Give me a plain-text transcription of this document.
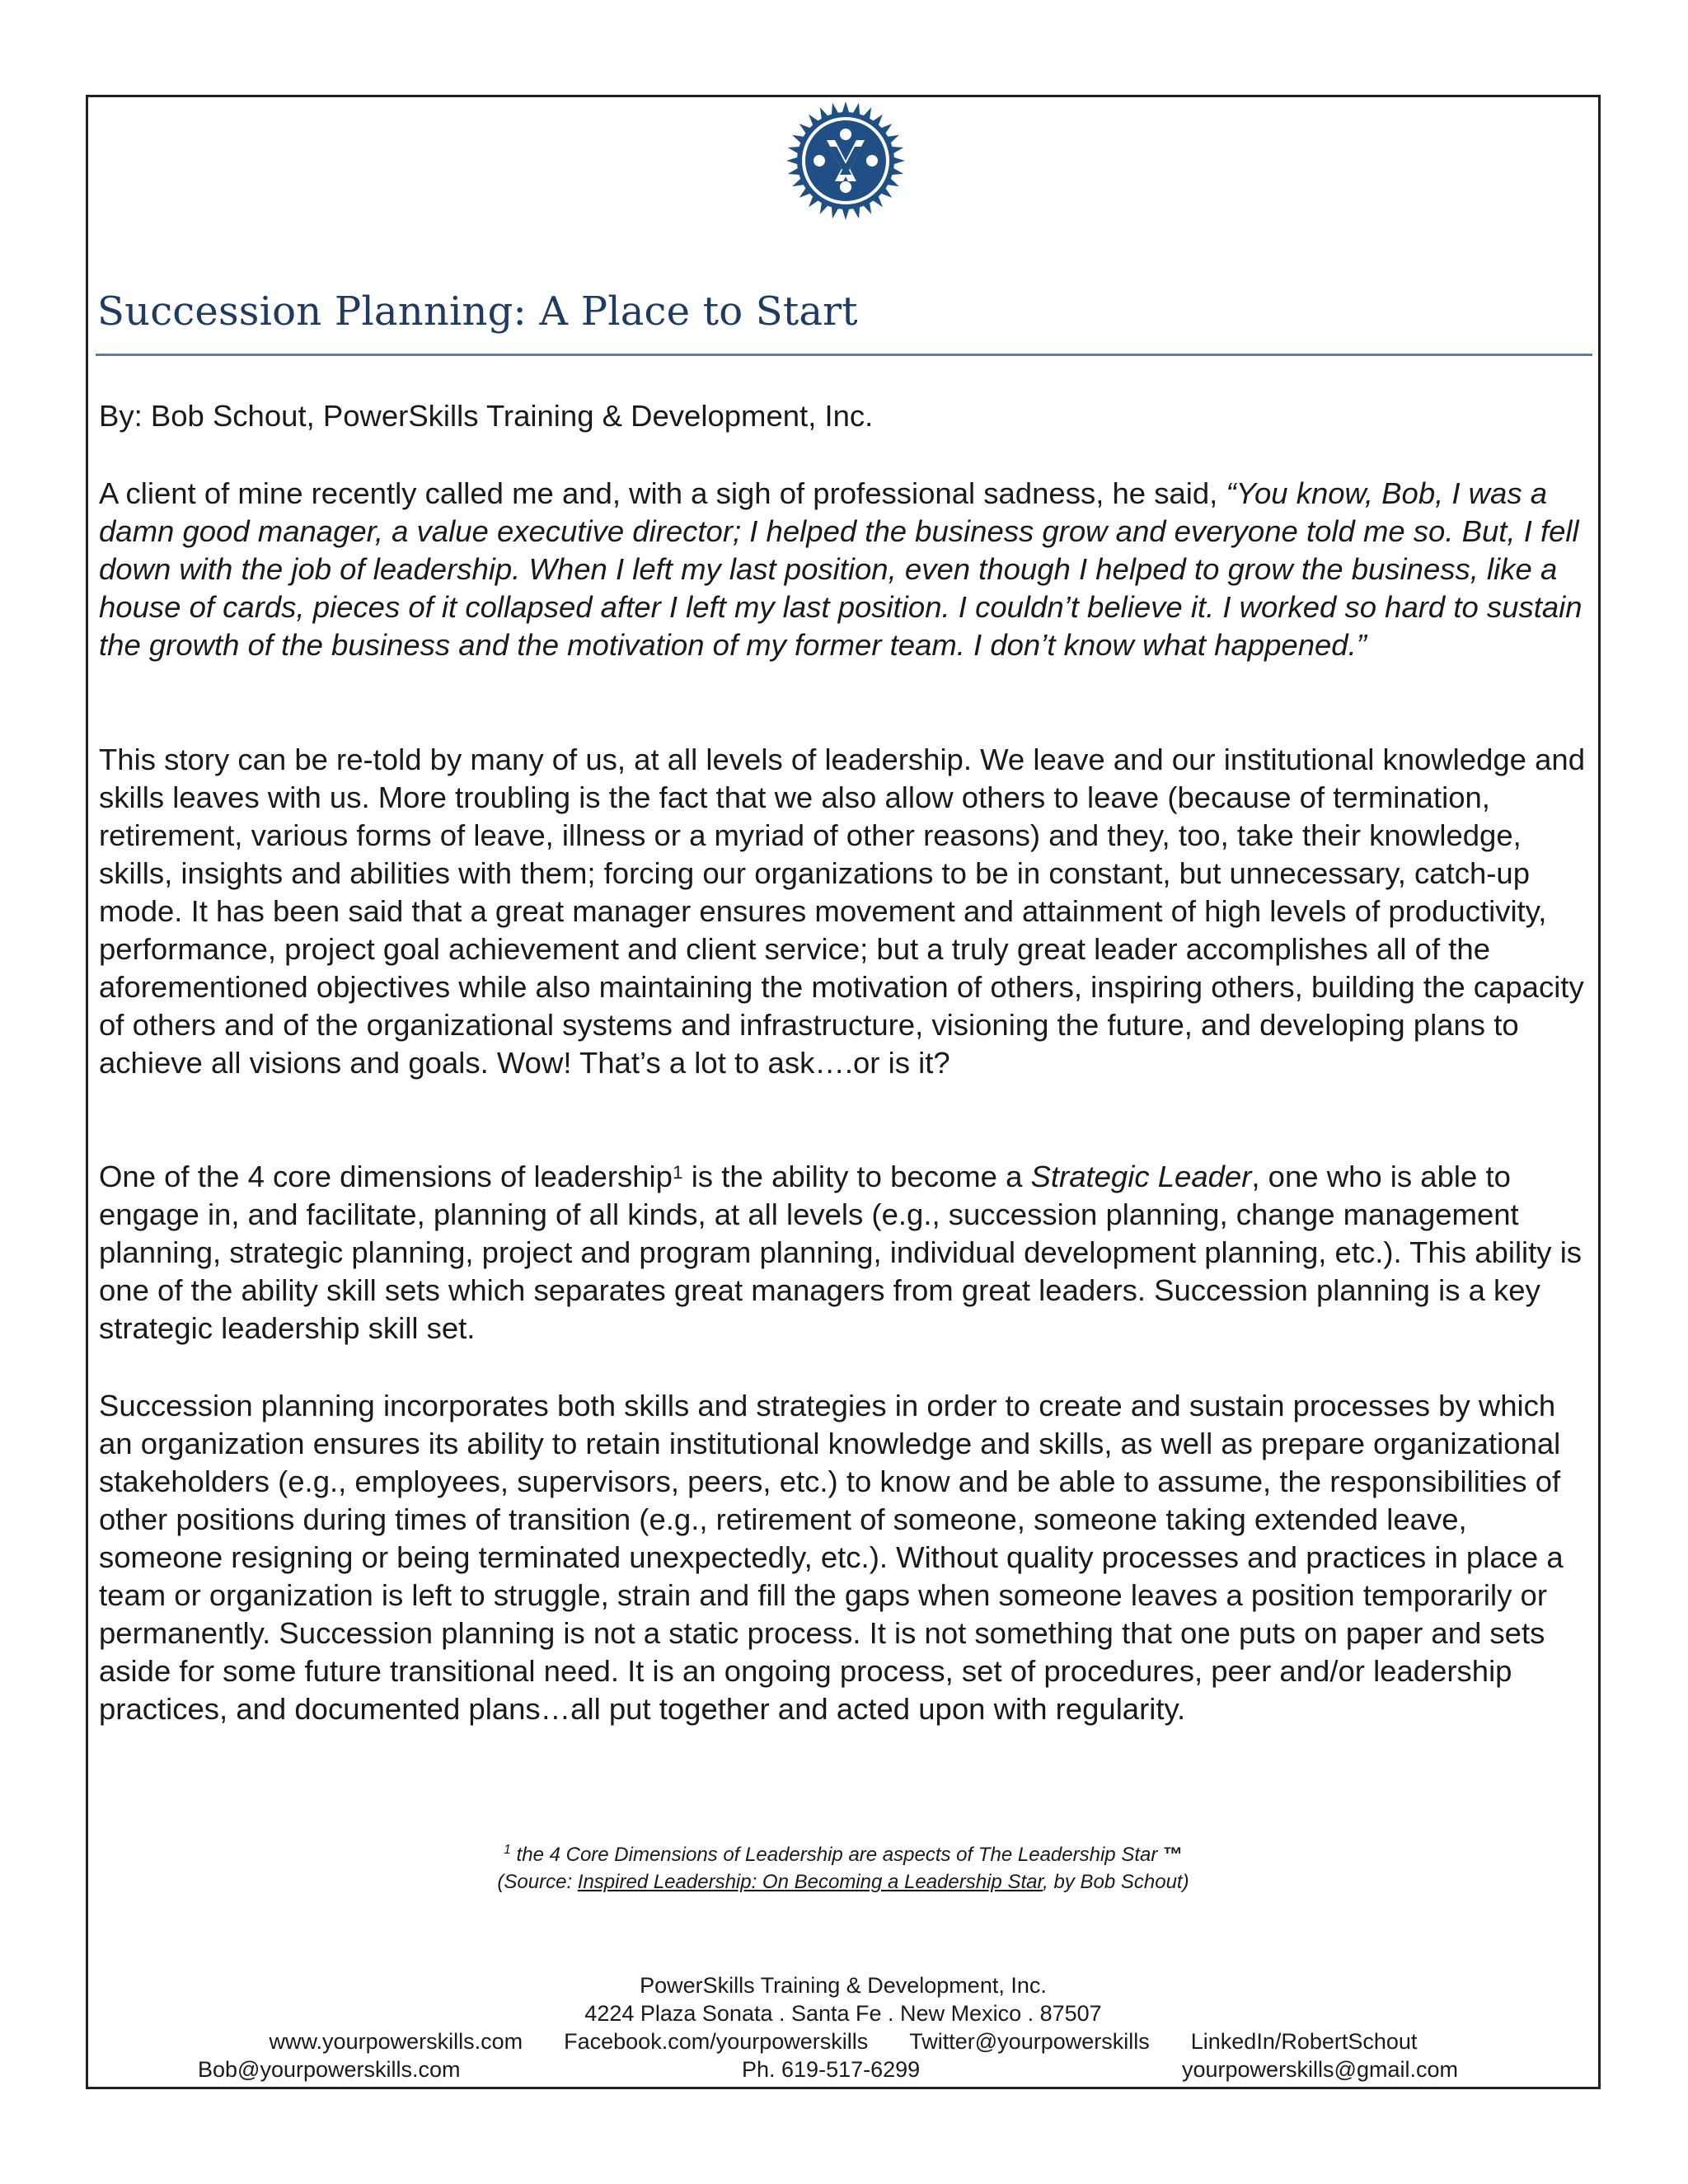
Succession Planning: A Place to Start

By: Bob Schout, PowerSkills Training & Development, Inc.

A client of mine recently called me and, with a sigh of professional sadness, he said, “You know, Bob, I was a damn good manager, a value executive director; I helped the business grow and everyone told me so. But, I fell down with the job of leadership. When I left my last position, even though I helped to grow the business, like a house of cards, pieces of it collapsed after I left my last position. I couldn’t believe it. I worked so hard to sustain the growth of the business and the motivation of my former team. I don’t know what happened.”

This story can be re-told by many of us, at all levels of leadership. We leave and our institutional knowledge and skills leaves with us. More troubling is the fact that we also allow others to leave (because of termination, retirement, various forms of leave, illness or a myriad of other reasons) and they, too, take their knowledge, skills, insights and abilities with them; forcing our organizations to be in constant, but unnecessary, catch-up mode. It has been said that a great manager ensures movement and attainment of high levels of productivity, performance, project goal achievement and client service; but a truly great leader accomplishes all of the aforementioned objectives while also maintaining the motivation of others, inspiring others, building the capacity of others and of the organizational systems and infrastructure, visioning the future, and developing plans to achieve all visions and goals. Wow! That’s a lot to ask….or is it?

One of the 4 core dimensions of leadership$^1$ is the ability to become a Strategic Leader, one who is able to engage in, and facilitate, planning of all kinds, at all levels (e.g., succession planning, change management planning, strategic planning, project and program planning, individual development planning, etc.). This ability is one of the ability skill sets which separates great managers from great leaders. Succession planning is a key strategic leadership skill set.

Succession planning incorporates both skills and strategies in order to create and sustain processes by which an organization ensures its ability to retain institutional knowledge and skills, as well as prepare organizational stakeholders (e.g., employees, supervisors, peers, etc.) to know and be able to assume, the responsibilities of other positions during times of transition (e.g., retirement of someone, someone taking extended leave, someone resigning or being terminated unexpectedly, etc.). Without quality processes and practices in place a team or organization is left to struggle, strain and fill the gaps when someone leaves a position temporarily or permanently. Succession planning is not a static process. It is not something that one puts on paper and sets aside for some future transitional need. It is an ongoing process, set of procedures, peer and/or leadership practices, and documented plans…all put together and acted upon with regularity.

$^1$ the 4 Core Dimensions of Leadership are aspects of The Leadership Star ™
(Source: Inspired Leadership: On Becoming a Leadership Star, by Bob Schout)
PowerSkills Training & Development, Inc.
4224 Plaza Sonata . Santa Fe . New Mexico . 87507
www.yourpowerskills.com Facebook.com/yourpowerskills Twitter@yourpowerskills LinkedIn/RobertSchout
Bob@yourpowerskills.com	Ph. 619-517-6299	yourpowerskills@gmail.com
